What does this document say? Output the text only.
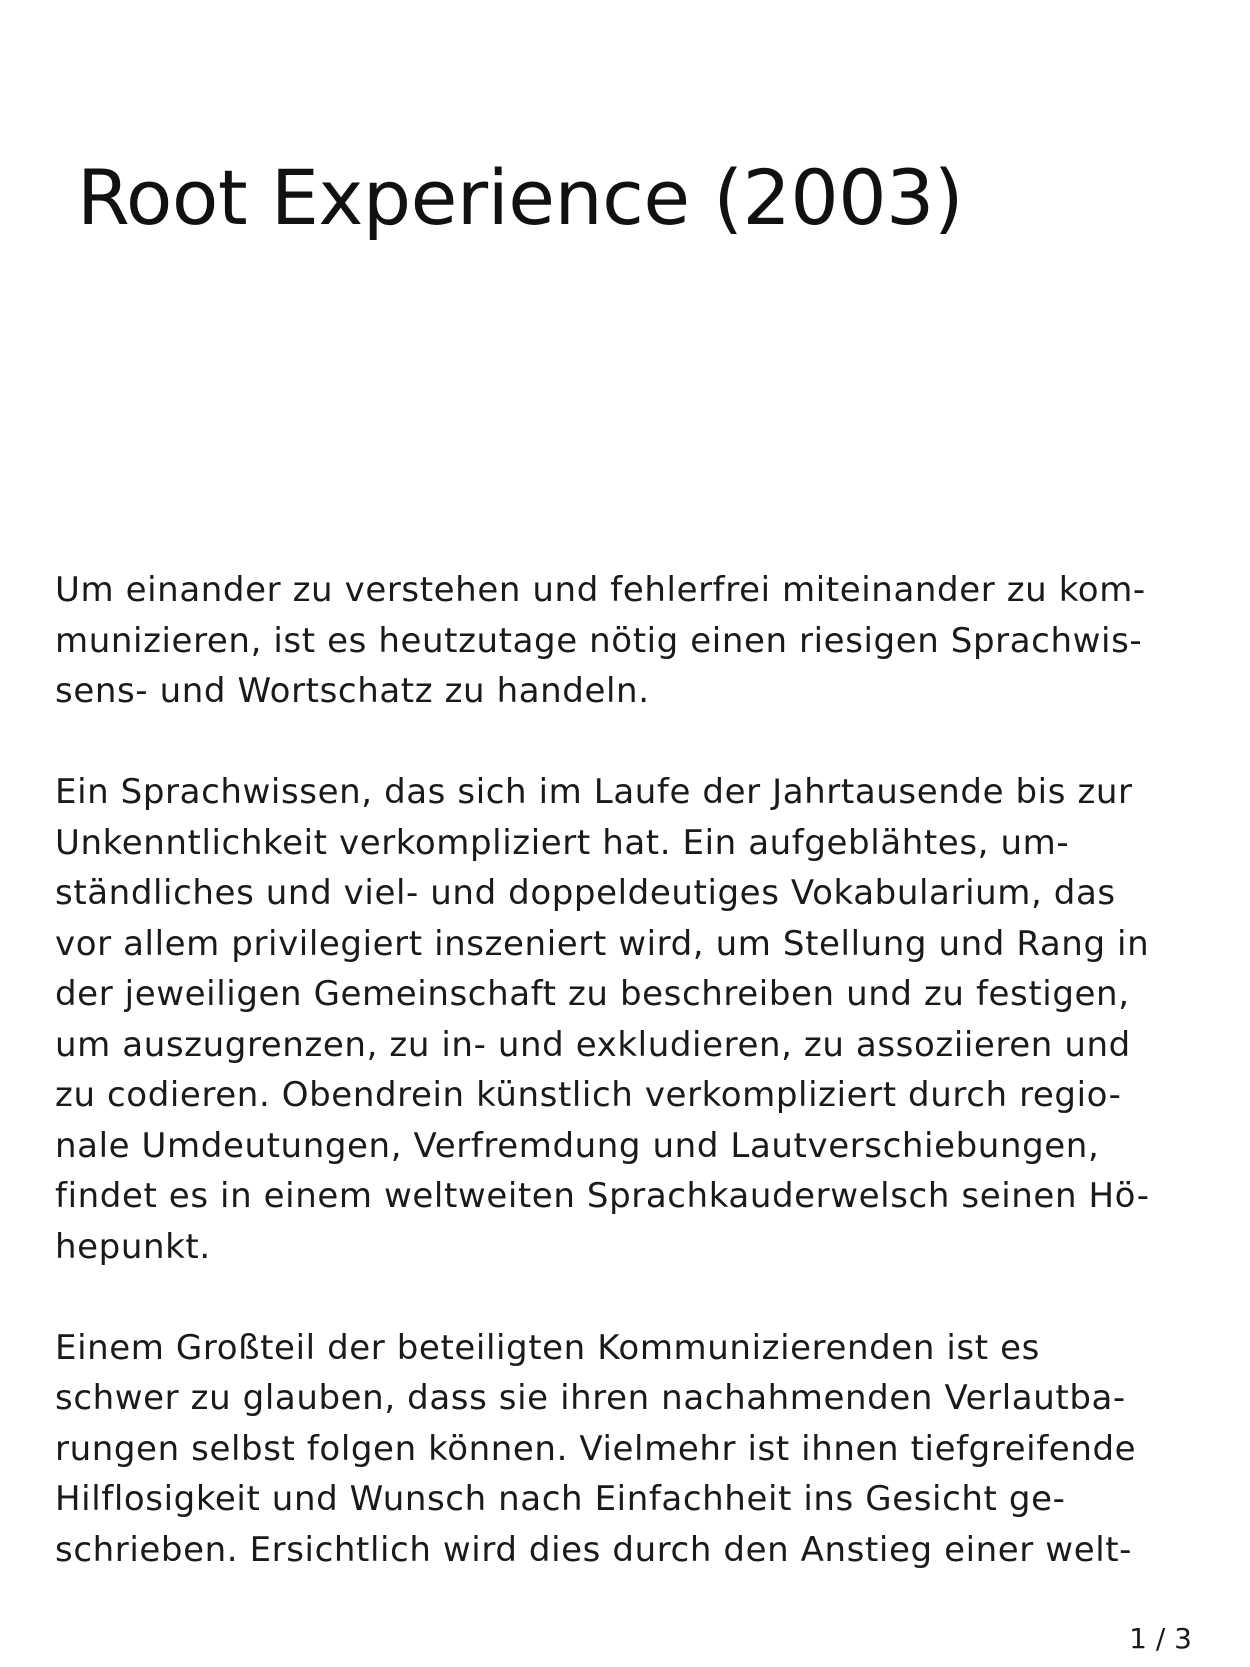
Root Experience (2003)

Um einander zu verstehen und fehlerfrei miteinander zu kom-
munizieren, ist es heutzutage nötig einen riesigen Sprachwis-
sens- und Wortschatz zu handeln.

Ein Sprachwissen, das sich im Laufe der Jahrtausende bis zur
Unkenntlichkeit verkompliziert hat. Ein aufgeblähtes, um-
ständliches und viel- und doppeldeutiges Vokabularium, das
vor allem privilegiert inszeniert wird, um Stellung und Rang in
der jeweiligen Gemeinschaft zu beschreiben und zu festigen,
um auszugrenzen, zu in- und exkludieren, zu assoziieren und
zu codieren. Obendrein künstlich verkompliziert durch regio-
nale Umdeutungen, Verfremdung und Lautverschiebungen,
findet es in einem weltweiten Sprachkauderwelsch seinen Hö-
hepunkt.

Einem Großteil der beteiligten Kommunizierenden ist es
schwer zu glauben, dass sie ihren nachahmenden Verlautba-
rungen selbst folgen können. Vielmehr ist ihnen tiefgreifende
Hilflosigkeit und Wunsch nach Einfachheit ins Gesicht ge-
schrieben. Ersichtlich wird dies durch den Anstieg einer welt-

1 / 3
